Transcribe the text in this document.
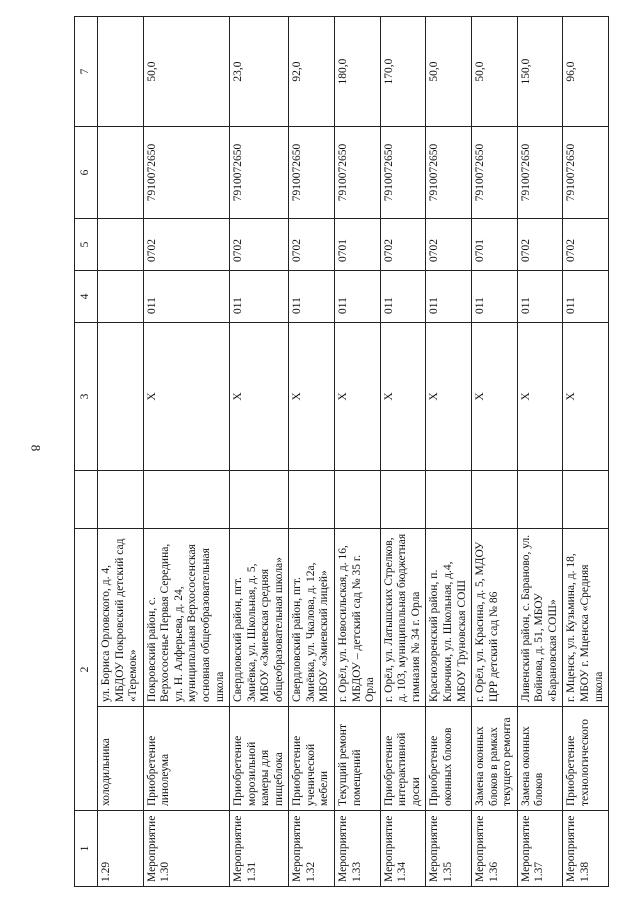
8
1	2			3	4	5	6	7
1.29	холодильника	ул. Бориса Орловского, д. 4, МБДОУ Покровский детский сад «Теремок»						
Мероприятие 1.30	Приобретение линолеума	Покровский район, с. Верхососенье Первая Середина, ул. Н. Алферьева, д. 24, муниципальная Верхососенская основная общеобразовательная школа		X	011	0702	7910072650	50,0
Мероприятие 1.31	Приобретение морозильной камеры для пищеблока	Свердловский район, пгт. Змиёвка, ул. Школьная, д. 5, МБОУ «Змиевская средняя общеобразовательная школа»		X	011	0702	7910072650	23,0
Мероприятие 1.32	Приобретение ученической мебели	Свердловский район, пгт. Змиёвка, ул. Чкалова, д. 12а, МБОУ «Змиевский лицей»		X	011	0702	7910072650	92,0
Мероприятие 1.33	Текущий ремонт помещений	г. Орёл, ул. Новосильская, д. 16, МБДОУ – детский сад № 35 г. Орла		X	011	0701	7910072650	180,0
Мероприятие 1.34	Приобретение интерактивной доски	г. Орёл, ул. Латышских Стрелков, д. 103, муниципальная бюджетная гимназия № 34 г. Орла		X	011	0702	7910072650	170,0
Мероприятие 1.35	Приобретение оконных блоков	Краснозоренский район, п. Ключики, ул. Школьная, д.4, МБОУ Труновская СОШ		X	011	0702	7910072650	50,0
Мероприятие 1.36	Замена оконных блоков в рамках текущего ремонта	г. Орёл, ул. Красина, д. 5, МДОУ ЦРР детский сад № 86		X	011	0701	7910072650	50,0
Мероприятие 1.37	Замена оконных блоков	Ливенский район, с. Бараново, ул. Войнова, д. 51, МБОУ «Барановская СОШ»		X	011	0702	7910072650	150,0
Мероприятие 1.38	Приобретение технологического	г. Мценск, ул. Кузьмина, д. 18, МБОУ г. Мценска «Средняя школа		X	011	0702	7910072650	96,0
